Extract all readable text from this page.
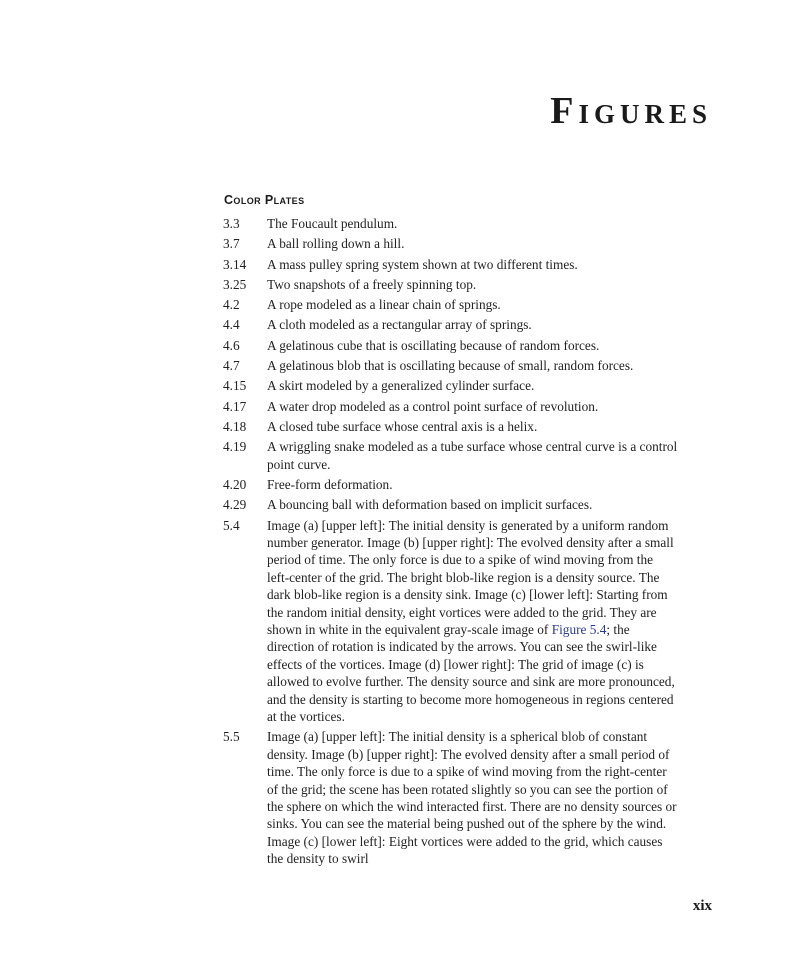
Figures
Color Plates
3.3	The Foucault pendulum.
3.7	A ball rolling down a hill.
3.14	A mass pulley spring system shown at two different times.
3.25	Two snapshots of a freely spinning top.
4.2	A rope modeled as a linear chain of springs.
4.4	A cloth modeled as a rectangular array of springs.
4.6	A gelatinous cube that is oscillating because of random forces.
4.7	A gelatinous blob that is oscillating because of small, random forces.
4.15	A skirt modeled by a generalized cylinder surface.
4.17	A water drop modeled as a control point surface of revolution.
4.18	A closed tube surface whose central axis is a helix.
4.19	A wriggling snake modeled as a tube surface whose central curve is a control point curve.
4.20	Free-form deformation.
4.29	A bouncing ball with deformation based on implicit surfaces.
5.4	Image (a) [upper left]: The initial density is generated by a uniform random number generator. Image (b) [upper right]: The evolved density after a small period of time. The only force is due to a spike of wind moving from the left-center of the grid. The bright blob-like region is a density source. The dark blob-like region is a density sink. Image (c) [lower left]: Starting from the random initial density, eight vortices were added to the grid. They are shown in white in the equivalent gray-scale image of Figure 5.4; the direction of rotation is indicated by the arrows. You can see the swirl-like effects of the vortices. Image (d) [lower right]: The grid of image (c) is allowed to evolve further. The density source and sink are more pronounced, and the density is starting to become more homogeneous in regions centered at the vortices.
5.5	Image (a) [upper left]: The initial density is a spherical blob of constant density. Image (b) [upper right]: The evolved density after a small period of time. The only force is due to a spike of wind moving from the right-center of the grid; the scene has been rotated slightly so you can see the portion of the sphere on which the wind interacted first. There are no density sources or sinks. You can see the material being pushed out of the sphere by the wind. Image (c) [lower left]: Eight vortices were added to the grid, which causes the density to swirl
xix
